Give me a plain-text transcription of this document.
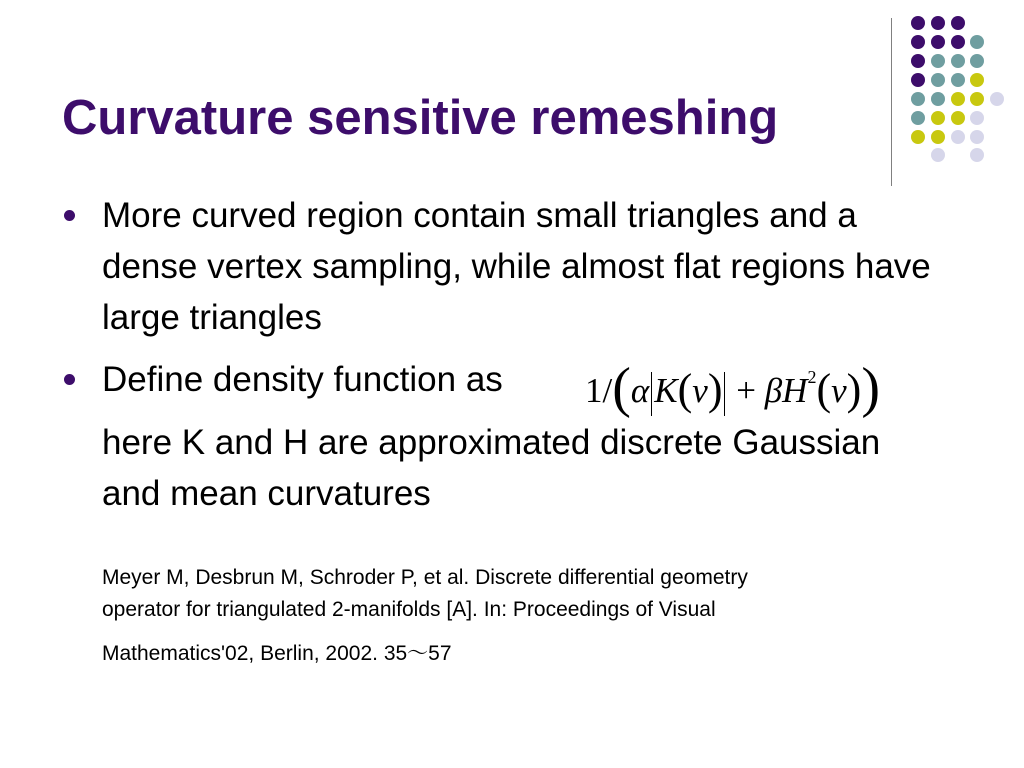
Curvature sensitive remeshing
More curved region contain small triangles and a dense vertex sampling, while almost flat regions have large triangles
Define density function as
here K and H are approximated discrete Gaussian and mean curvatures
1/(α $K(v) + \beta H^2(v)$)
Meyer M, Desbrun M, Schroder P, et al. Discrete differential geometry
operator for triangulated 2-manifolds [A]. In: Proceedings of Visual
Mathematics'02, Berlin, 2002. 35～57
